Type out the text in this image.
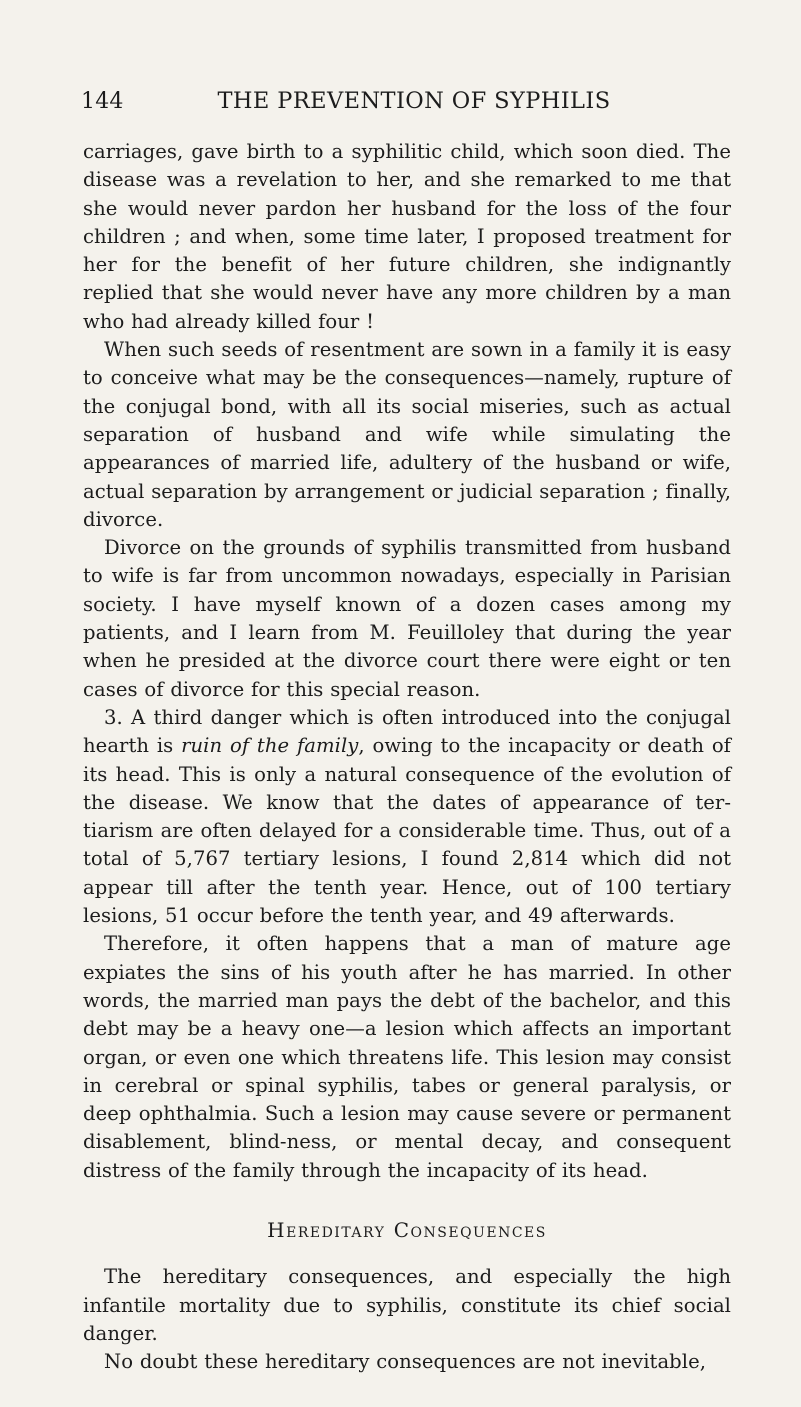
144	THE PREVENTION OF SYPHILIS

carriages, gave birth to a syphilitic child, which soon died. The disease was a revelation to her, and she remarked to me that she would never pardon her husband for the loss of the four children ; and when, some time later, I proposed treatment for her for the benefit of her future children, she indignantly replied that she would never have any more children by a man who had already killed four !

When such seeds of resentment are sown in a family it is easy to conceive what may be the consequences—namely, rupture of the conjugal bond, with all its social miseries, such as actual separation of husband and wife while simulating the appearances of married life, adultery of the husband or wife, actual separation by arrangement or judicial separation ; finally, divorce.

Divorce on the grounds of syphilis transmitted from husband to wife is far from uncommon nowadays, especially in Parisian society. I have myself known of a dozen cases among my patients, and I learn from M. Feuilloley that during the year when he presided at the divorce court there were eight or ten cases of divorce for this special reason.

3. A third danger which is often introduced into the conjugal hearth is ruin of the family, owing to the incapacity or death of its head. This is only a natural consequence of the evolution of the disease. We know that the dates of appearance of ter-tiarism are often delayed for a considerable time. Thus, out of a total of 5,767 tertiary lesions, I found 2,814 which did not appear till after the tenth year. Hence, out of 100 tertiary lesions, 51 occur before the tenth year, and 49 afterwards.

Therefore, it often happens that a man of mature age expiates the sins of his youth after he has married. In other words, the married man pays the debt of the bachelor, and this debt may be a heavy one—a lesion which affects an important organ, or even one which threatens life. This lesion may consist in cerebral or spinal syphilis, tabes or general paralysis, or deep ophthalmia. Such a lesion may cause severe or permanent disablement, blind-ness, or mental decay, and consequent distress of the family through the incapacity of its head.

Hereditary Consequences

The hereditary consequences, and especially the high infantile mortality due to syphilis, constitute its chief social danger.

No doubt these hereditary consequences are not inevitable,
